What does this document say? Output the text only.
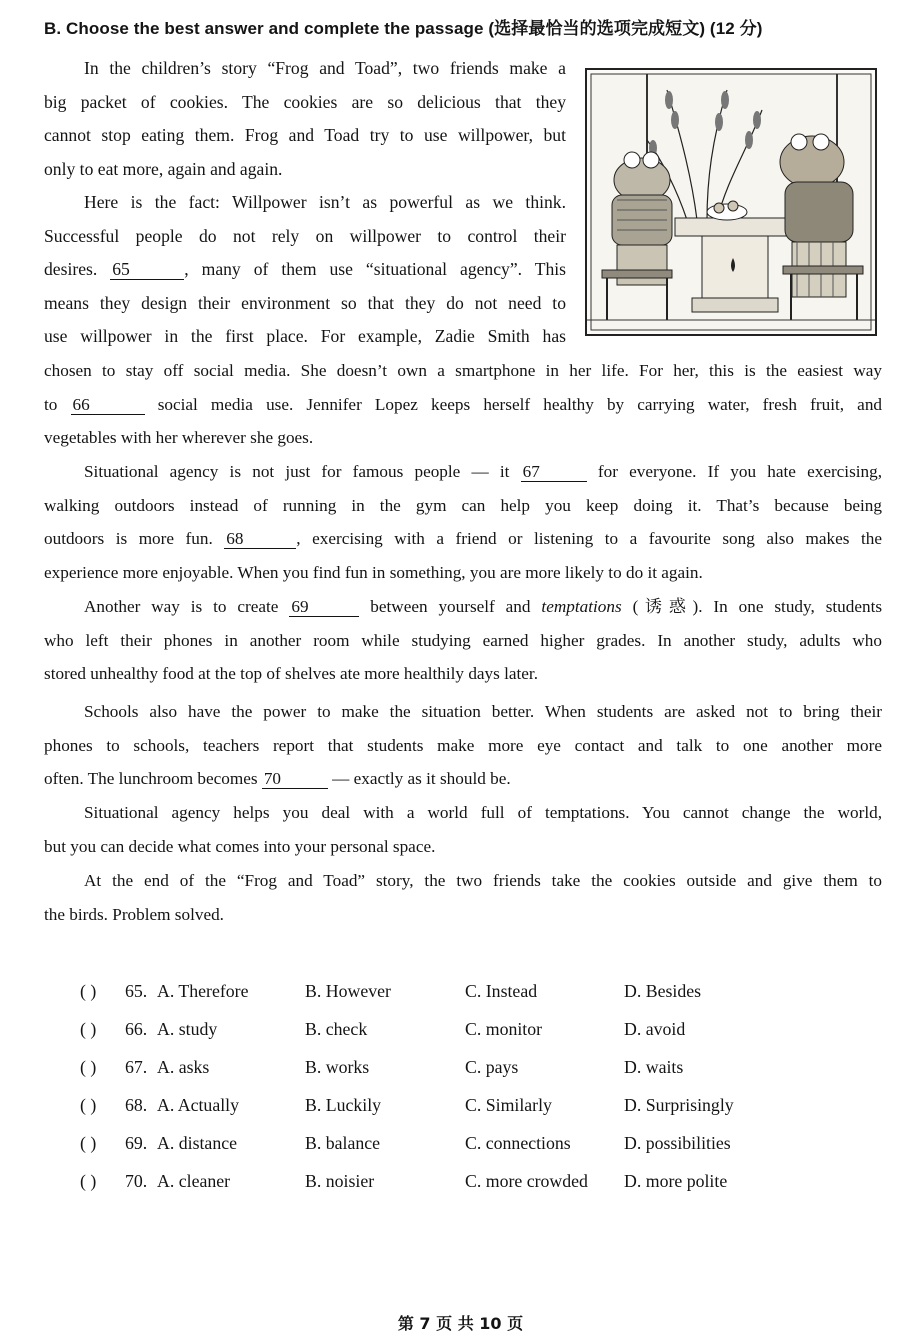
B. Choose the best answer and complete the passage (选择最恰当的选项完成短文) (12 分)
In the children’s story “Frog and Toad”, two friends make a
big packet of cookies. The cookies are so delicious that they
cannot stop eating them. Frog and Toad try to use willpower, but
only to eat more, again and again.
Here is the fact: Willpower isn’t as powerful as we think.
Successful people do not rely on willpower to control their
desires. 65	, many of them use “situational agency”. This
means they design their environment so that they do not need to
use willpower in the first place. For example, Zadie Smith has
chosen to stay off social media. She doesn’t own a smartphone in her life. For her, this is the easiest way
to 66	social media use. Jennifer Lopez keeps herself healthy by carrying water, fresh fruit, and
vegetables with her wherever she goes.
Situational agency is not just for famous people — it 67	for everyone. If you hate exercising,
walking outdoors instead of running in the gym can help you keep doing it. That’s because being
outdoors is more fun. 68	, exercising with a friend or listening to a favourite song also makes the
experience more enjoyable. When you find fun in something, you are more likely to do it again.
Another way is to create 69	between yourself and temptations (诱惑). In one study, students
who left their phones in another room while studying earned higher grades. In another study, adults who
stored unhealthy food at the top of shelves ate more healthily days later.
Schools also have the power to make the situation better. When students are asked not to bring their
phones to schools, teachers report that students make more eye contact and talk to one another more
often. The lunchroom becomes 70	— exactly as it should be.
Situational agency helps you deal with a world full of temptations. You cannot change the world,
but you can decide what comes into your personal space.
At the end of the “Frog and Toad” story, the two friends take the cookies outside and give them to
the birds. Problem solved.
( ) 65. A. Therefore	B. However	C. Instead	D. Besides
( ) 66. A. study	B. check	C. monitor	D. avoid
( ) 67. A. asks	B. works	C. pays	D. waits
( ) 68. A. Actually	B. Luckily	C. Similarly	D. Surprisingly
( ) 69. A. distance	B. balance	C. connections	D. possibilities
( ) 70. A. cleaner	B. noisier	C. more crowded D. more polite
第 7 页 共 10 页
